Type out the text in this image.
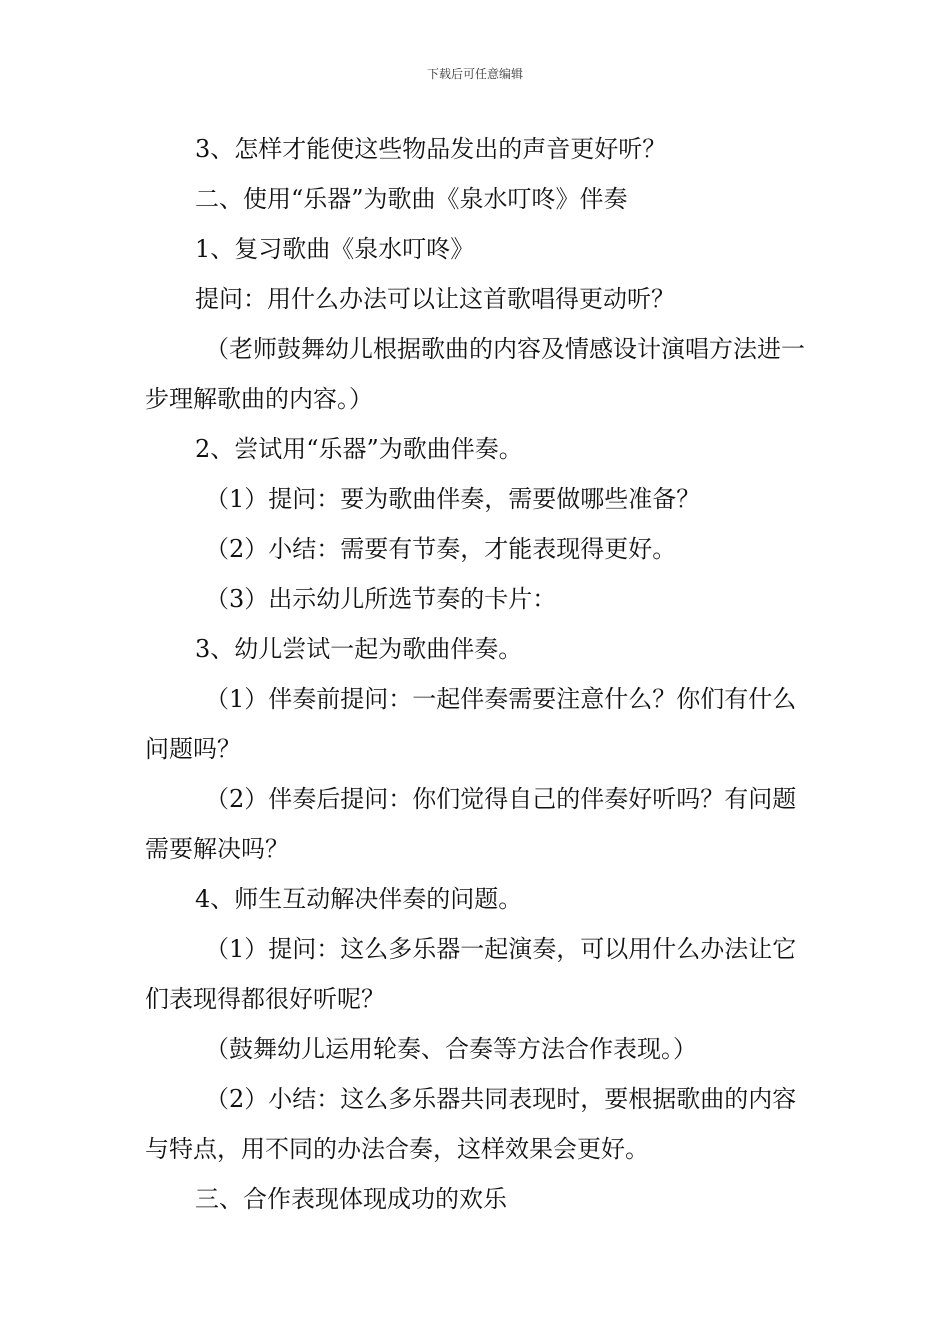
下载后可任意编辑

3、怎样才能使这些物品发出的声音更好听？

二、使用“乐器”为歌曲《泉水叮咚》伴奏

1、复习歌曲《泉水叮咚》

提问：用什么办法可以让这首歌唱得更动听？

（老师鼓舞幼儿根据歌曲的内容及情感设计演唱方法进一步理解歌曲的内容。）

2、尝试用“乐器”为歌曲伴奏。

（1）提问：要为歌曲伴奏，需要做哪些准备？

（2）小结：需要有节奏，才能表现得更好。

（3）出示幼儿所选节奏的卡片：

3、幼儿尝试一起为歌曲伴奏。

（1）伴奏前提问：一起伴奏需要注意什么？你们有什么问题吗？

（2）伴奏后提问：你们觉得自己的伴奏好听吗？有问题需要解决吗？

4、师生互动解决伴奏的问题。

（1）提问：这么多乐器一起演奏，可以用什么办法让它们表现得都很好听呢？

（鼓舞幼儿运用轮奏、合奏等方法合作表现。）

（2）小结：这么多乐器共同表现时，要根据歌曲的内容与特点，用不同的办法合奏，这样效果会更好。

三、合作表现体现成功的欢乐
